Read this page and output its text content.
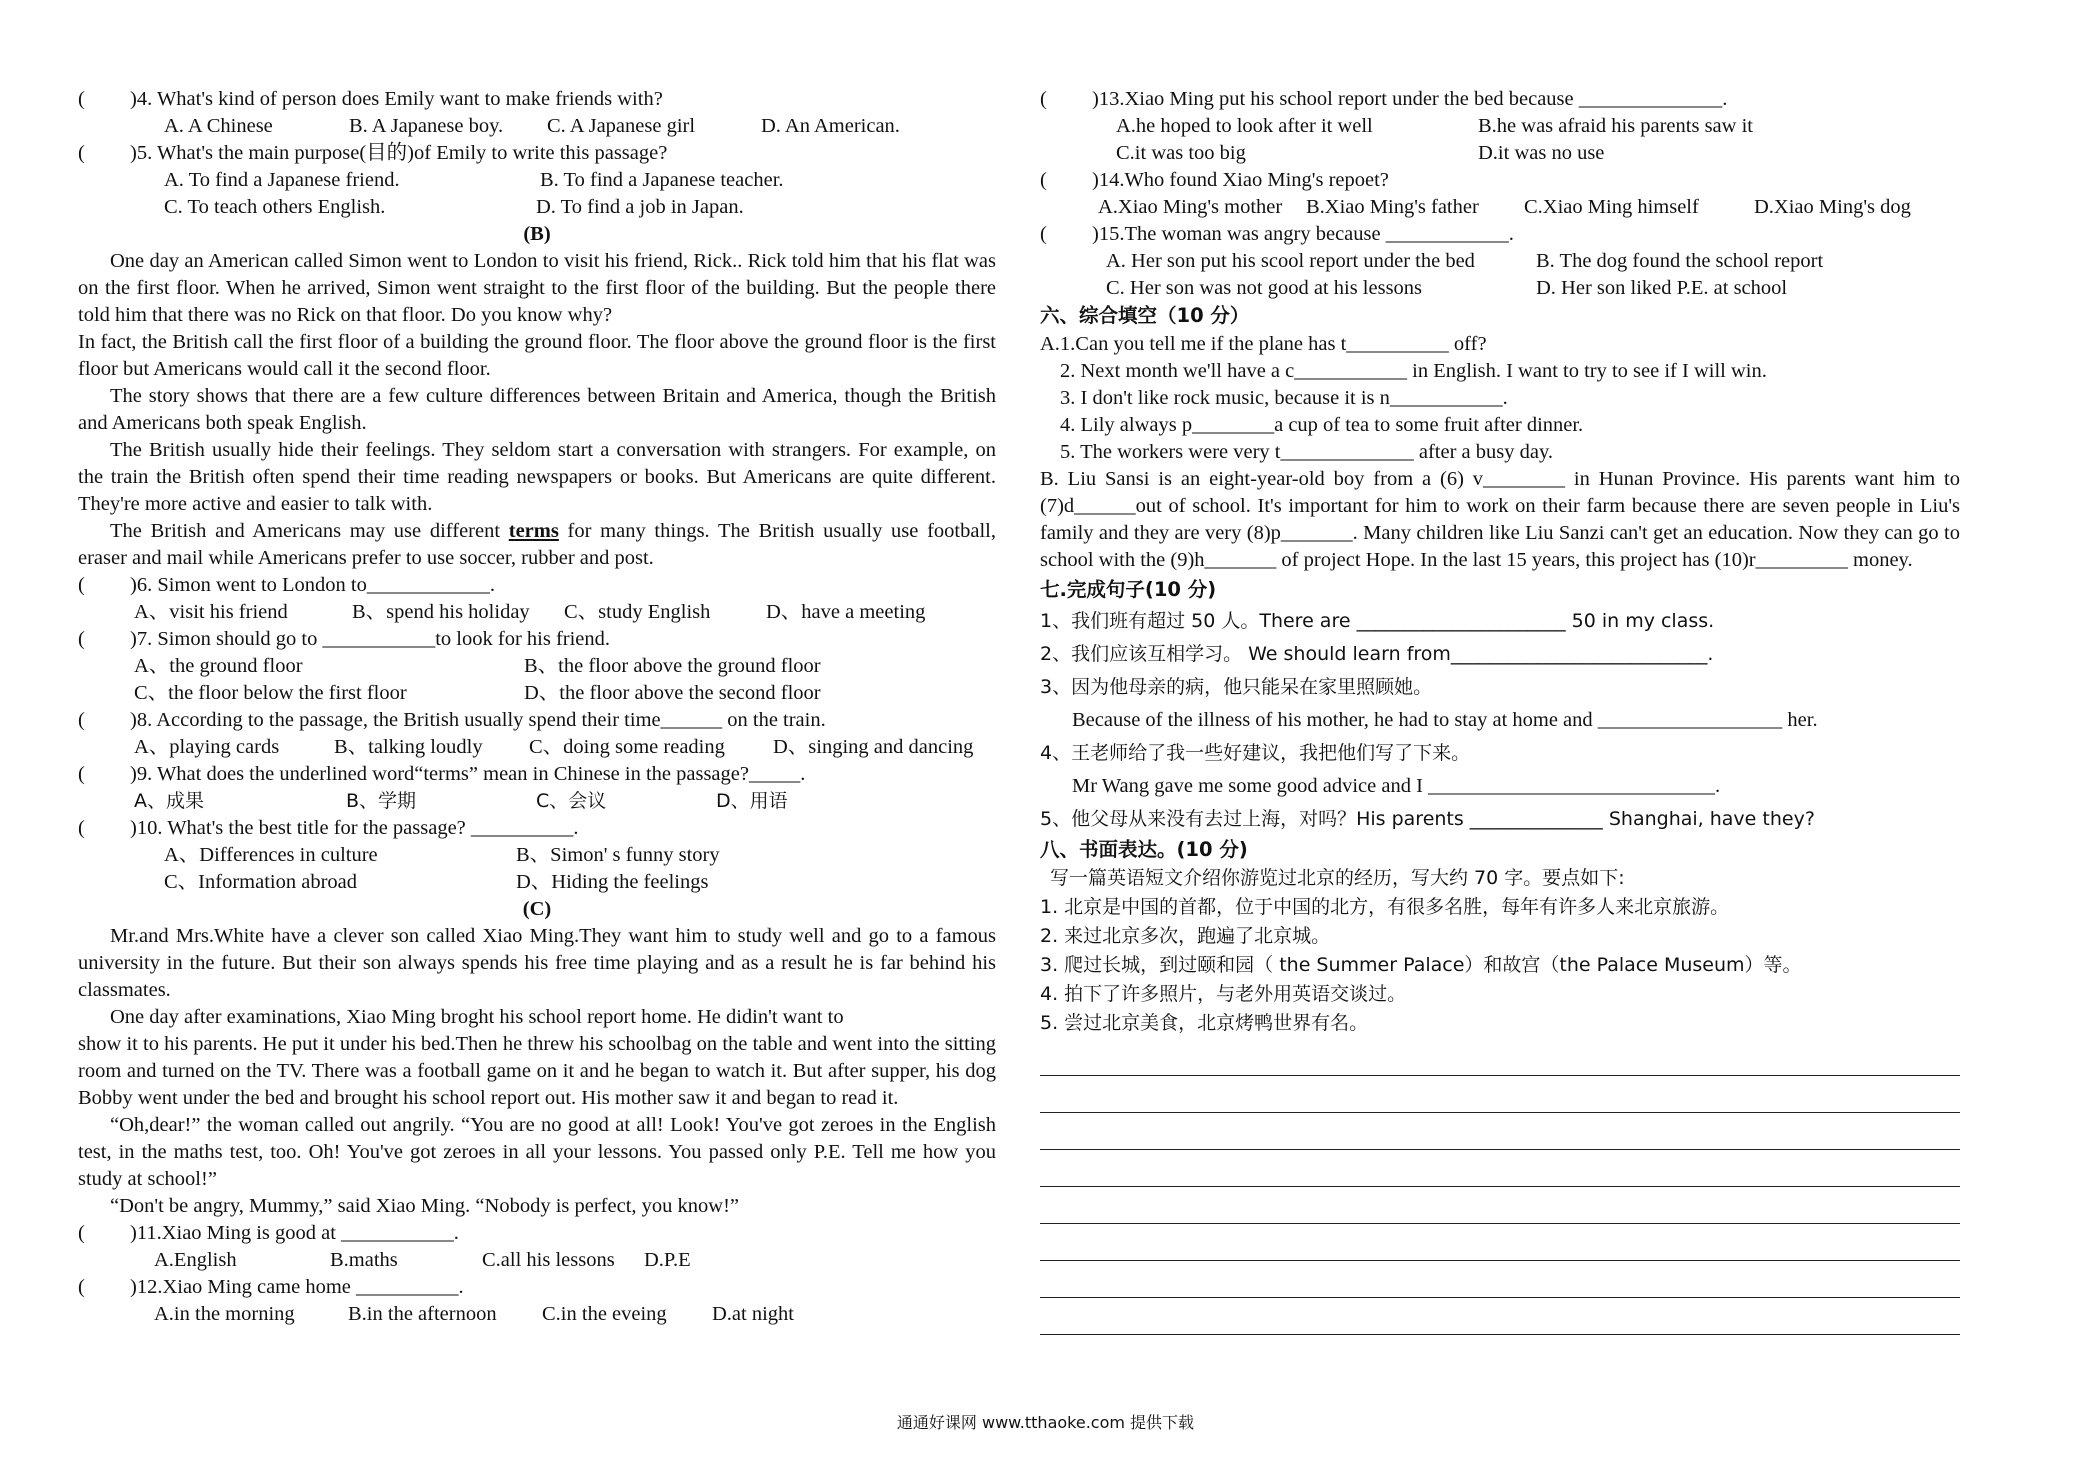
(	)4. What's kind of person does Emily want to make friends with?
A. A Chinese	B. A Japanese boy.	C. A Japanese girl	D. An American.
(	)5. What's the main purpose(目的)of Emily to write this passage?
A. To find a Japanese friend.	B. To find a Japanese teacher.
C. To teach others English.	D. To find a job in Japan.
(B)
One day an American called Simon went to London to visit his friend, Rick.. Rick told him that his flat was on the first floor. When he arrived, Simon went straight to the first floor of the building. But the people there told him that there was no Rick on that floor. Do you know why?
In fact, the British call the first floor of a building the ground floor. The floor above the ground floor is the first floor but Americans would call it the second floor.
The story shows that there are a few culture differences between Britain and America, though the British and Americans both speak English.
The British usually hide their feelings. They seldom start a conversation with strangers. For example, on the train the British often spend their time reading newspapers or books. But Americans are quite different. They're more active and easier to talk with.
The British and Americans may use different terms for many things. The British usually use football, eraser and mail while Americans prefer to use soccer, rubber and post.
(	)6. Simon went to London to____________.
A、visit his friend	B、spend his holiday	C、study English	D、have a meeting
(	)7. Simon should go to ___________to look for his friend.
A、the ground floor	B、the floor above the ground floor
C、the floor below the first floor	D、the floor above the second floor
(	)8. According to the passage, the British usually spend their time______ on the train.
A、playing cards	B、talking loudly	C、doing some reading	D、singing and dancing
(	)9. What does the underlined word“terms” mean in Chinese in the passage?_____.
A、成果	B、学期	C、会议	D、用语
(	)10. What's the best title for the passage? __________.
A、Differences in culture	B、Simon' s funny story
C、Information abroad	D、Hiding the feelings
(C)
Mr.and Mrs.White have a clever son called Xiao Ming.They want him to study well and go to a famous university in the future. But their son always spends his free time playing and as a result he is far behind his classmates.
One day after examinations, Xiao Ming broght his school report home. He didin't want to
show it to his parents. He put it under his bed.Then he threw his schoolbag on the table and went into the sitting room and turned on the TV. There was a football game on it and he began to watch it. But after supper, his dog Bobby went under the bed and brought his school report out. His mother saw it and began to read it.
“Oh,dear!” the woman called out angrily. “You are no good at all! Look! You've got zeroes in the English test, in the maths test, too. Oh! You've got zeroes in all your lessons. You passed only P.E. Tell me how you study at school!”
“Don't be angry, Mummy,” said Xiao Ming. “Nobody is perfect, you know!”
(	)11.Xiao Ming is good at ___________.
A.English	B.maths	C.all his lessons	D.P.E
(	)12.Xiao Ming came home __________.
A.in the morning	B.in the afternoon	C.in the eveing	D.at night
(	)13.Xiao Ming put his school report under the bed because ______________.
A.he hoped to look after it well	B.he was afraid his parents saw it
C.it was too big	D.it was no use
(	)14.Who found Xiao Ming's repoet?
A.Xiao Ming's mother	B.Xiao Ming's father	C.Xiao Ming himself	D.Xiao Ming's dog
(	)15.The woman was angry because ____________.
A. Her son put his scool report under the bed	B. The dog found the school report
C. Her son was not good at his lessons	D. Her son liked P.E. at school
六、综合填空（10 分）
A.1.Can you tell me if the plane has t__________ off?
2. Next month we'll have a c___________ in English. I want to try to see if I will win.
3. I don't like rock music, because it is n___________.
4. Lily always p________a cup of tea to some fruit after dinner.
5. The workers were very t_____________ after a busy day.
B. Liu Sansi is an eight-year-old boy from a (6) v________ in Hunan Province. His parents want him to (7)d______out of school. It's important for him to work on their farm because there are seven people in Liu's family and they are very (8)p_______. Many children like Liu Sanzi can't get an education. Now they can go to school with the (9)h_______ of project Hope. In the last 15 years, this project has (10)r_________ money.
七.完成句子(10 分)
1、我们班有超过 50 人。There are ______________________ 50 in my class.
2、我们应该互相学习。 We should learn from___________________________.
3、因为他母亲的病，他只能呆在家里照顾她。
Because of the illness of his mother, he had to stay at home and __________________ her.
4、王老师给了我一些好建议，我把他们写了下来。
Mr Wang gave me some good advice and I ____________________________.
5、他父母从来没有去过上海，对吗？His parents ______________ Shanghai, have they?
八、书面表达。(10 分)
写一篇英语短文介绍你游览过北京的经历，写大约 70 字。要点如下:
1. 北京是中国的首都，位于中国的北方，有很多名胜，每年有许多人来北京旅游。
2. 来过北京多次，跑遍了北京城。
3. 爬过长城，到过颐和园（ the Summer Palace）和故宫（the Palace Museum）等。
4. 拍下了许多照片，与老外用英语交谈过。
5. 尝过北京美食，北京烤鸭世界有名。
通通好课网 www.tthaoke.com 提供下载
